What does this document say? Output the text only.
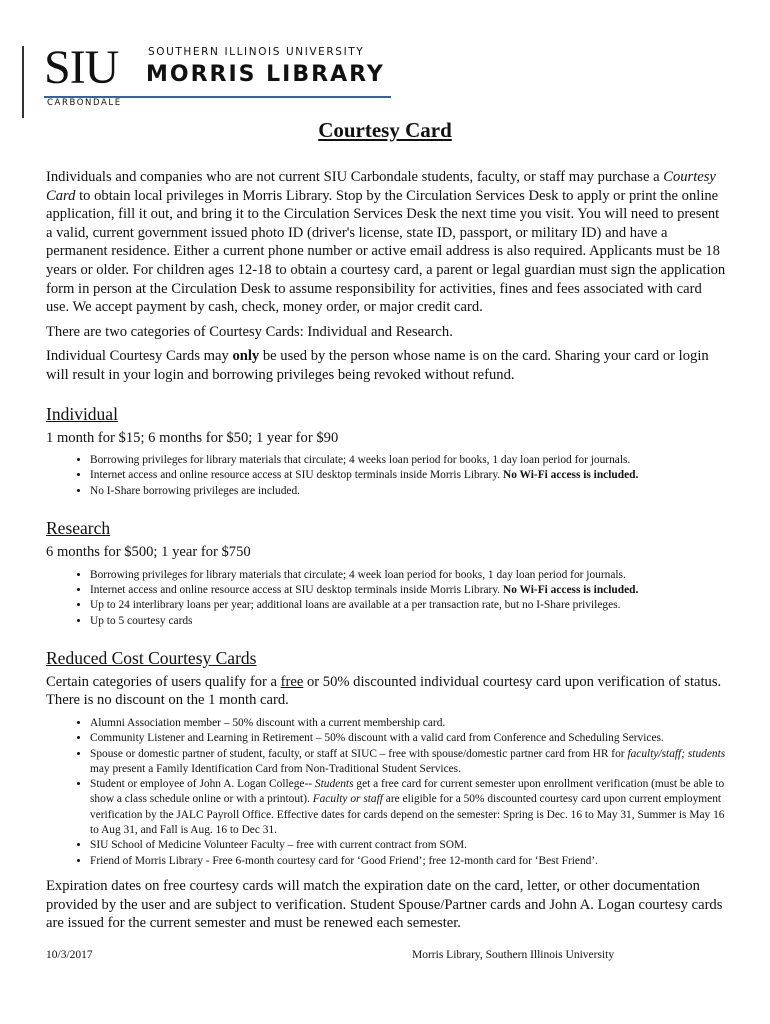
SIU	SOUTHERN ILLINOIS UNIVERSITY
MORRIS LIBRARY
CARBONDALE
Courtesy Card

Individuals and companies who are not current SIU Carbondale students, faculty, or staff may purchase a Courtesy Card to obtain local privileges in Morris Library. Stop by the Circulation Services Desk to apply or print the online application, fill it out, and bring it to the Circulation Services Desk the next time you visit. You will need to present a valid, current government issued photo ID (driver's license, state ID, passport, or military ID) and have a permanent residence. Either a current phone number or active email address is also required. Applicants must be 18 years or older. For children ages 12-18 to obtain a courtesy card, a parent or legal guardian must sign the application form in person at the Circulation Desk to assume responsibility for activities, fines and fees associated with card use. We accept payment by cash, check, money order, or major credit card.

There are two categories of Courtesy Cards: Individual and Research.

Individual Courtesy Cards may only be used by the person whose name is on the card. Sharing your card or login will result in your login and borrowing privileges being revoked without refund.

Individual

1 month for $15; 6 months for $50; 1 year for $90

• Borrowing privileges for library materials that circulate; 4 weeks loan period for books, 1 day loan period for journals.
• Internet access and online resource access at SIU desktop terminals inside Morris Library. No Wi-Fi access is included.
• No I-Share borrowing privileges are included.
Research

6 months for $500; 1 year for $750

• Borrowing privileges for library materials that circulate; 4 week loan period for books, 1 day loan period for journals.
• Internet access and online resource access at SIU desktop terminals inside Morris Library. No Wi-Fi access is included.
• Up to 24 interlibrary loans per year; additional loans are available at a per transaction rate, but no I-Share privileges.
• Up to 5 courtesy cards
Reduced Cost Courtesy Cards

Certain categories of users qualify for a free or 50% discounted individual courtesy card upon verification of status. There is no discount on the 1 month card.

• Alumni Association member – 50% discount with a current membership card.
• Community Listener and Learning in Retirement – 50% discount with a valid card from Conference and Scheduling Services.
• Spouse or domestic partner of student, faculty, or staff at SIUC – free with spouse/domestic partner card from HR for faculty/staff; students may present a Family Identification Card from Non-Traditional Student Services.
• Student or employee of John A. Logan College-- Students get a free card for current semester upon enrollment verification (must be able to show a class schedule online or with a printout). Faculty or staff are eligible for a 50% discounted courtesy card upon current employment verification by the JALC Payroll Office. Effective dates for cards depend on the semester: Spring is Dec. 16 to May 31, Summer is May 16 to Aug 31, and Fall is Aug. 16 to Dec 31.
• SIU School of Medicine Volunteer Faculty – free with current contract from SOM.
• Friend of Morris Library - Free 6-month courtesy card for ‘Good Friend’; free 12-month card for ‘Best Friend’.

Expiration dates on free courtesy cards will match the expiration date on the card, letter, or other documentation provided by the user and are subject to verification. Student Spouse/Partner cards and John A. Logan courtesy cards are issued for the current semester and must be renewed each semester.

10/3/2017	Morris Library, Southern Illinois University
